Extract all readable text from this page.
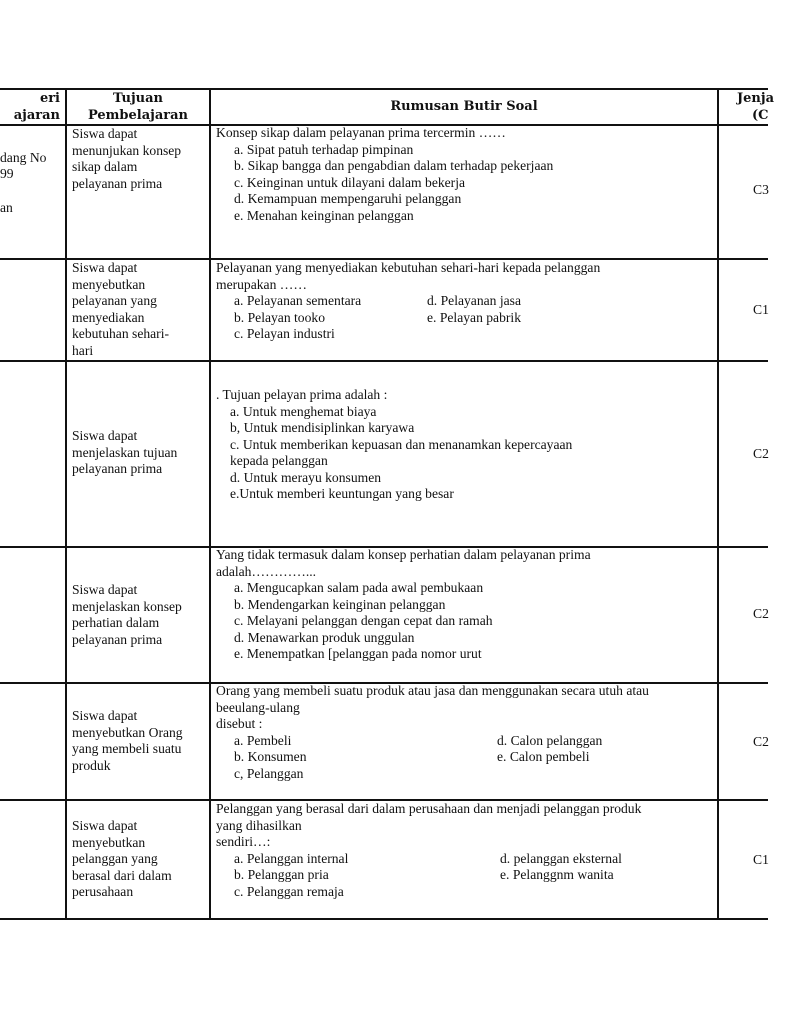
eri
ajaran
Tujuan
Pembelajaran
Rumusan Butir Soal
Jenja
(C
dang No
99
an
Siswa dapat
menunjukan konsep
sikap dalam
pelayanan prima
Konsep sikap dalam pelayanan prima tercermin ……
a. Sipat patuh terhadap pimpinan
b. Sikap bangga dan pengabdian dalam terhadap pekerjaan
c. Keinginan untuk dilayani dalam bekerja
d. Kemampuan mempengaruhi pelanggan
e. Menahan keinginan pelanggan
C3
Siswa dapat
menyebutkan
pelayanan yang
menyediakan
kebutuhan sehari-
hari
Pelayanan yang menyediakan kebutuhan sehari-hari kepada pelanggan
merupakan ……
a. Pelayanan sementara
b. Pelayan tooko
c. Pelayan industri
d. Pelayanan jasa
e. Pelayan pabrik	C1
Siswa dapat
menjelaskan tujuan
pelayanan prima
. Tujuan pelayan prima adalah :
a. Untuk menghemat biaya
b, Untuk mendisiplinkan karyawa
c. Untuk memberikan kepuasan dan menanamkan kepercayaan
kepada pelanggan
d. Untuk merayu konsumen
e.Untuk memberi keuntungan yang besar
C2
Siswa dapat
menjelaskan konsep
perhatian dalam
pelayanan prima
Yang tidak termasuk dalam konsep perhatian dalam pelayanan prima
adalah…………...
a. Mengucapkan salam pada awal pembukaan
b. Mendengarkan keinginan pelanggan
c. Melayani pelanggan dengan cepat dan ramah
d. Menawarkan produk unggulan
e. Menempatkan [pelanggan pada nomor urut
C2
Siswa dapat
menyebutkan Orang
yang membeli suatu
produk
Orang yang membeli suatu produk atau jasa dan menggunakan secara utuh atau
beeulang-ulang
disebut :
a. Pembeli
b. Konsumen
c, Pelanggan
d. Calon pelanggan
e. Calon pembeli
C2
Siswa dapat
menyebutkan
pelanggan yang
berasal dari dalam
perusahaan
Pelanggan yang berasal dari dalam perusahaan dan menjadi pelanggan produk
yang dihasilkan
sendiri…:
a. Pelanggan internal
b. Pelanggan pria
c. Pelanggan remaja
d. pelanggan eksternal
e. Pelanggnm wanita
C1
